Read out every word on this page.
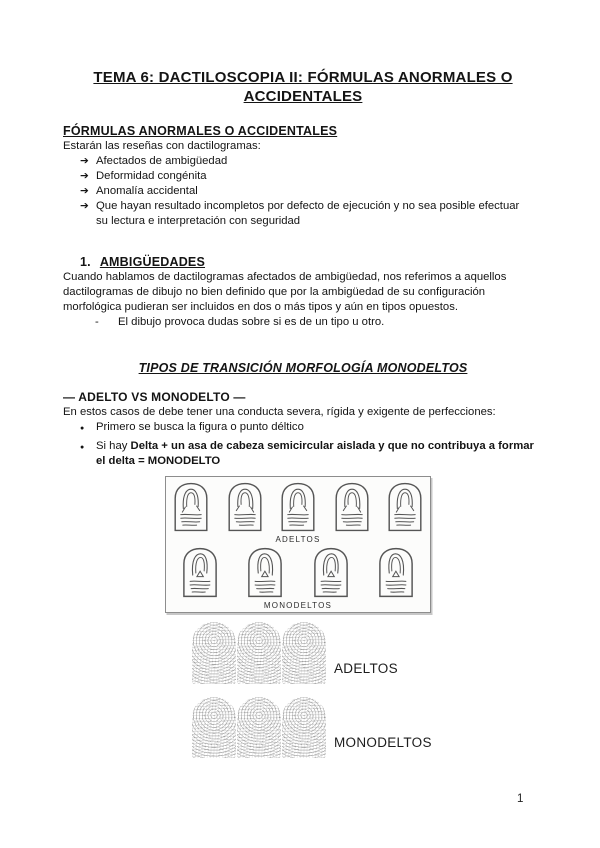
TEMA 6: DACTILOSCOPIA II: FÓRMULAS ANORMALES O ACCIDENTALES
FÓRMULAS ANORMALES O ACCIDENTALES

Estarán las reseñas con dactilogramas:

➔ Afectados de ambigüedad
➔ Deformidad congénita
➔ Anomalía accidental
➔ Que hayan resultado incompletos por defecto de ejecución y no sea posible efectuar su lectura e interpretación con seguridad
1. AMBIGÜEDADES

Cuando hablamos de dactilogramas afectados de ambigüedad, nos referimos a aquellos dactilogramas de dibujo no bien definido que por la ambigüedad de su configuración morfológica pudieran ser incluidos en dos o más tipos y aún en tipos opuestos.

-	El dibujo provoca dudas sobre si es de un tipo u otro.
TIPOS DE TRANSICIÓN MORFOLOGÍA MONODELTOS
— ADELTO VS MONODELTO —

En estos casos de debe tener una conducta severa, rígida y exigente de perfecciones:

●	Primero se busca la figura o punto déltico
●	Si hay Delta + un asa de cabeza semicircular aislada y que no contribuya a formar el delta = MONODELTO
ADELTOS
MONODELTOS
ADELTOS
MONODELTOS
1
